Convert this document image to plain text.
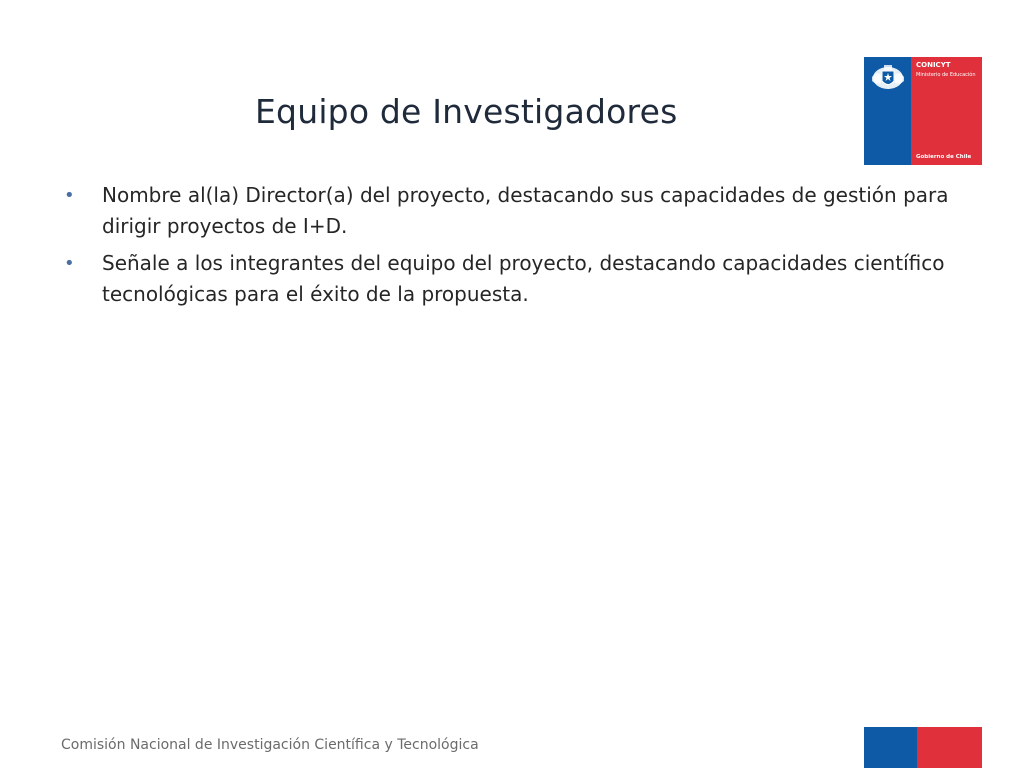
Equipo de Investigadores
• Nombre al(la) Director(a) del proyecto, destacando sus capacidades de gestión para dirigir proyectos de I+D.
• Señale a los integrantes del equipo del proyecto, destacando capacidades científico tecnológicas para el éxito de la propuesta.
CONICYT
Ministerio de Educación
Gobierno de Chile
Comisión Nacional de Investigación Científica y Tecnológica
